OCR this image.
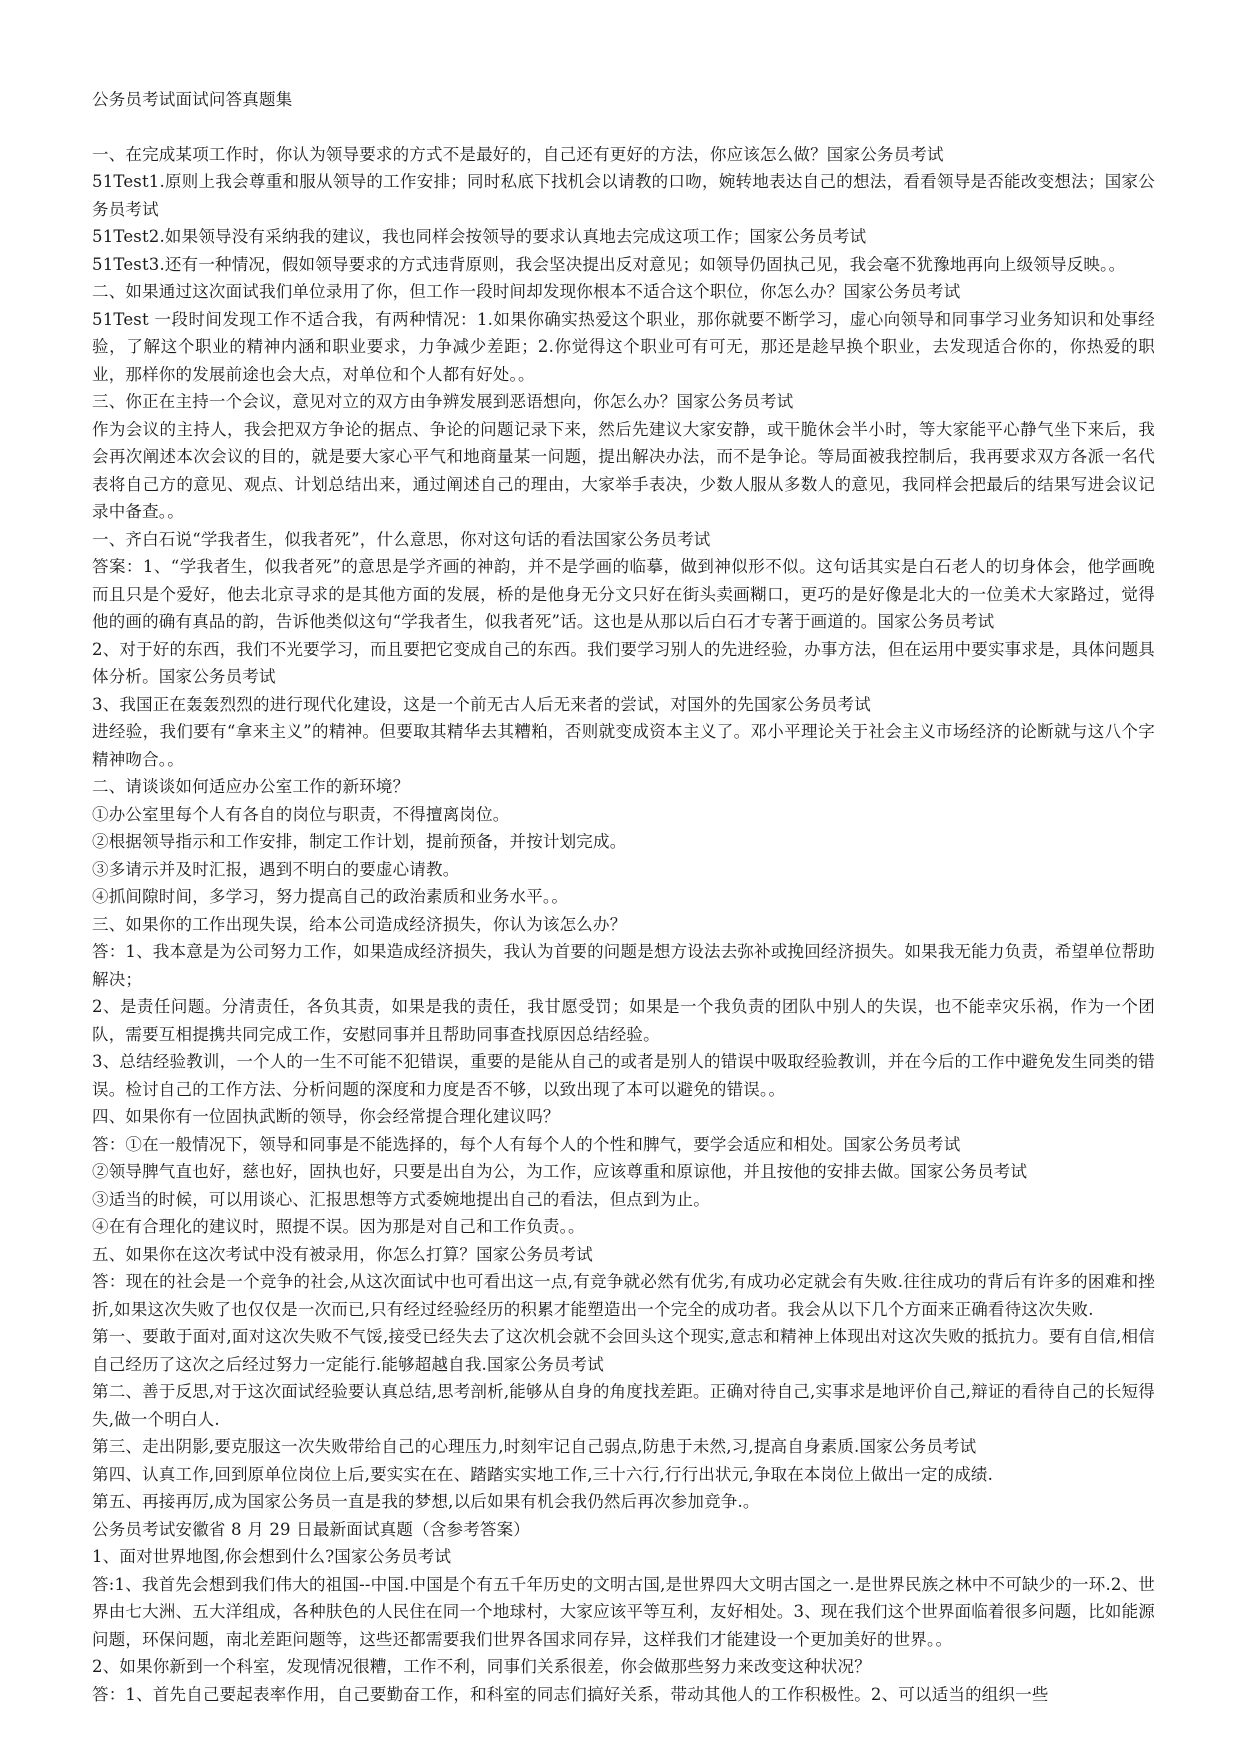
公务员考试面试问答真题集

一、在完成某项工作时，你认为领导要求的方式不是最好的，自己还有更好的方法，你应该怎么做？国家公务员考试

51Test1.原则上我会尊重和服从领导的工作安排；同时私底下找机会以请教的口吻，婉转地表达自己的想法，看看领导是否能改变想法；国家公务员考试

51Test2.如果领导没有采纳我的建议，我也同样会按领导的要求认真地去完成这项工作；国家公务员考试

51Test3.还有一种情况，假如领导要求的方式违背原则，我会坚决提出反对意见；如领导仍固执己见，我会毫不犹豫地再向上级领导反映。。

二、如果通过这次面试我们单位录用了你，但工作一段时间却发现你根本不适合这个职位，你怎么办？国家公务员考试

51Test 一段时间发现工作不适合我，有两种情况：1.如果你确实热爱这个职业，那你就要不断学习，虚心向领导和同事学习业务知识和处事经验，了解这个职业的精神内涵和职业要求，力争减少差距；2.你觉得这个职业可有可无，那还是趁早换个职业，去发现适合你的，你热爱的职业，那样你的发展前途也会大点，对单位和个人都有好处。。

三、你正在主持一个会议，意见对立的双方由争辨发展到恶语想向，你怎么办？国家公务员考试

作为会议的主持人，我会把双方争论的据点、争论的问题记录下来，然后先建议大家安静，或干脆休会半小时，等大家能平心静气坐下来后，我会再次阐述本次会议的目的，就是要大家心平气和地商量某一问题，提出解决办法，而不是争论。等局面被我控制后，我再要求双方各派一名代表将自己方的意见、观点、计划总结出来，通过阐述自己的理由，大家举手表决，少数人服从多数人的意见，我同样会把最后的结果写进会议记录中备查。。

一、齐白石说“学我者生，似我者死”，什么意思，你对这句话的看法国家公务员考试

答案：1、“学我者生，似我者死”的意思是学齐画的神韵，并不是学画的临摹，做到神似形不似。这句话其实是白石老人的切身体会，他学画晚而且只是个爱好，他去北京寻求的是其他方面的发展，桥的是他身无分文只好在街头卖画糊口，更巧的是好像是北大的一位美术大家路过，觉得他的画的确有真品的韵，告诉他类似这句“学我者生，似我者死”话。这也是从那以后白石才专著于画道的。国家公务员考试

2、对于好的东西，我们不光要学习，而且要把它变成自己的东西。我们要学习别人的先进经验，办事方法，但在运用中要实事求是，具体问题具体分析。国家公务员考试

3、我国正在轰轰烈烈的进行现代化建设，这是一个前无古人后无来者的尝试，对国外的先国家公务员考试

进经验，我们要有“拿来主义”的精神。但要取其精华去其糟粕，否则就变成资本主义了。邓小平理论关于社会主义市场经济的论断就与这八个字精神吻合。。

二、请谈谈如何适应办公室工作的新环境？

①办公室里每个人有各自的岗位与职责，不得擅离岗位。

②根据领导指示和工作安排，制定工作计划，提前预备，并按计划完成。

③多请示并及时汇报，遇到不明白的要虚心请教。

④抓间隙时间，多学习，努力提高自己的政治素质和业务水平。。

三、如果你的工作出现失误，给本公司造成经济损失，你认为该怎么办？

答：1、我本意是为公司努力工作，如果造成经济损失，我认为首要的问题是想方设法去弥补或挽回经济损失。如果我无能力负责，希望单位帮助解决；

2、是责任问题。分清责任，各负其责，如果是我的责任，我甘愿受罚；如果是一个我负责的团队中别人的失误，也不能幸灾乐祸，作为一个团队，需要互相提携共同完成工作，安慰同事并且帮助同事查找原因总结经验。

3、总结经验教训，一个人的一生不可能不犯错误，重要的是能从自己的或者是别人的错误中吸取经验教训，并在今后的工作中避免发生同类的错误。检讨自己的工作方法、分析问题的深度和力度是否不够，以致出现了本可以避免的错误。。

四、如果你有一位固执武断的领导，你会经常提合理化建议吗？

答：①在一般情况下，领导和同事是不能选择的，每个人有每个人的个性和脾气，要学会适应和相处。国家公务员考试

②领导脾气直也好，慈也好，固执也好，只要是出自为公，为工作，应该尊重和原谅他，并且按他的安排去做。国家公务员考试

③适当的时候，可以用谈心、汇报思想等方式委婉地提出自己的看法，但点到为止。

④在有合理化的建议时，照提不误。因为那是对自己和工作负责。。

五、如果你在这次考试中没有被录用，你怎么打算？国家公务员考试

答：现在的社会是一个竞争的社会,从这次面试中也可看出这一点,有竞争就必然有优劣,有成功必定就会有失败.往往成功的背后有许多的困难和挫折,如果这次失败了也仅仅是一次而已,只有经过经验经历的积累才能塑造出一个完全的成功者。我会从以下几个方面来正确看待这次失败.

第一、要敢于面对,面对这次失败不气馁,接受已经失去了这次机会就不会回头这个现实,意志和精神上体现出对这次失败的抵抗力。要有自信,相信自己经历了这次之后经过努力一定能行.能够超越自我.国家公务员考试

第二、善于反思,对于这次面试经验要认真总结,思考剖析,能够从自身的角度找差距。正确对待自己,实事求是地评价自己,辩证的看待自己的长短得失,做一个明白人.

第三、走出阴影,要克服这一次失败带给自己的心理压力,时刻牢记自己弱点,防患于未然,习,提高自身素质.国家公务员考试

第四、认真工作,回到原单位岗位上后,要实实在在、踏踏实实地工作,三十六行,行行出状元,争取在本岗位上做出一定的成绩.

第五、再接再厉,成为国家公务员一直是我的梦想,以后如果有机会我仍然后再次参加竞争.。

公务员考试安徽省 8 月 29 日最新面试真题（含参考答案）

1、面对世界地图,你会想到什么?国家公务员考试

答:1、我首先会想到我们伟大的祖国--中国.中国是个有五千年历史的文明古国,是世界四大文明古国之一.是世界民族之林中不可缺少的一环.2、世界由七大洲、五大洋组成，各种肤色的人民住在同一个地球村，大家应该平等互利，友好相处。3、现在我们这个世界面临着很多问题，比如能源问题，环保问题，南北差距问题等，这些还都需要我们世界各国求同存异，这样我们才能建设一个更加美好的世界。。

2、如果你新到一个科室，发现情况很糟，工作不利，同事们关系很差，你会做那些努力来改变这种状况？

答：1、首先自己要起表率作用，自己要勤奋工作，和科室的同志们搞好关系，带动其他人的工作积极性。2、可以适当的组织一些
